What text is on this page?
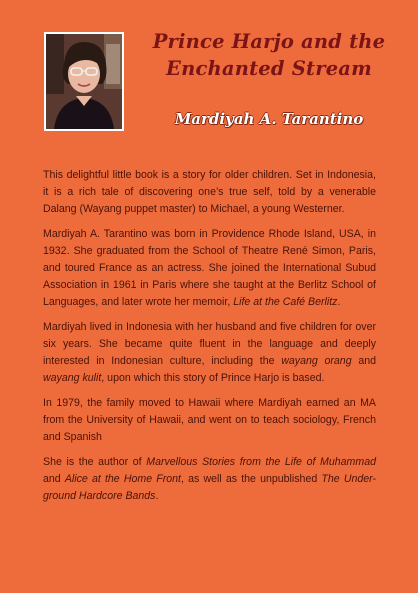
Prince Harjo and the
Enchanted Stream
Mardiyah A. Tarantino

This delightful little book is a story for older children. Set in Indonesia, it is a rich tale of discovering one’s true self, told by a venerable Dalang (Wayang puppet master) to Michael, a young Westerner.

Mardiyah A. Tarantino was born in Providence Rhode Island, USA, in 1932. She graduated from the School of Theatre René Simon, Paris, and toured France as an actress. She joined the International Subud Association in 1961 in Paris where she taught at the Berlitz School of Languages, and later wrote her memoir, Life at the Café Berlitz.

Mardiyah lived in Indonesia with her husband and five children for over six years. She became quite fluent in the language and deeply interested in Indonesian culture, including the wayang orang and wayang kulit, upon which this story of Prince Harjo is based.

In 1979, the family moved to Hawaii where Mardiyah earned an MA from the University of Hawaii, and went on to teach sociology, French and Spanish

She is the author of Marvellous Stories from the Life of Muhammad and Alice at the Home Front, as well as the unpublished The Under-ground Hardcore Bands.
